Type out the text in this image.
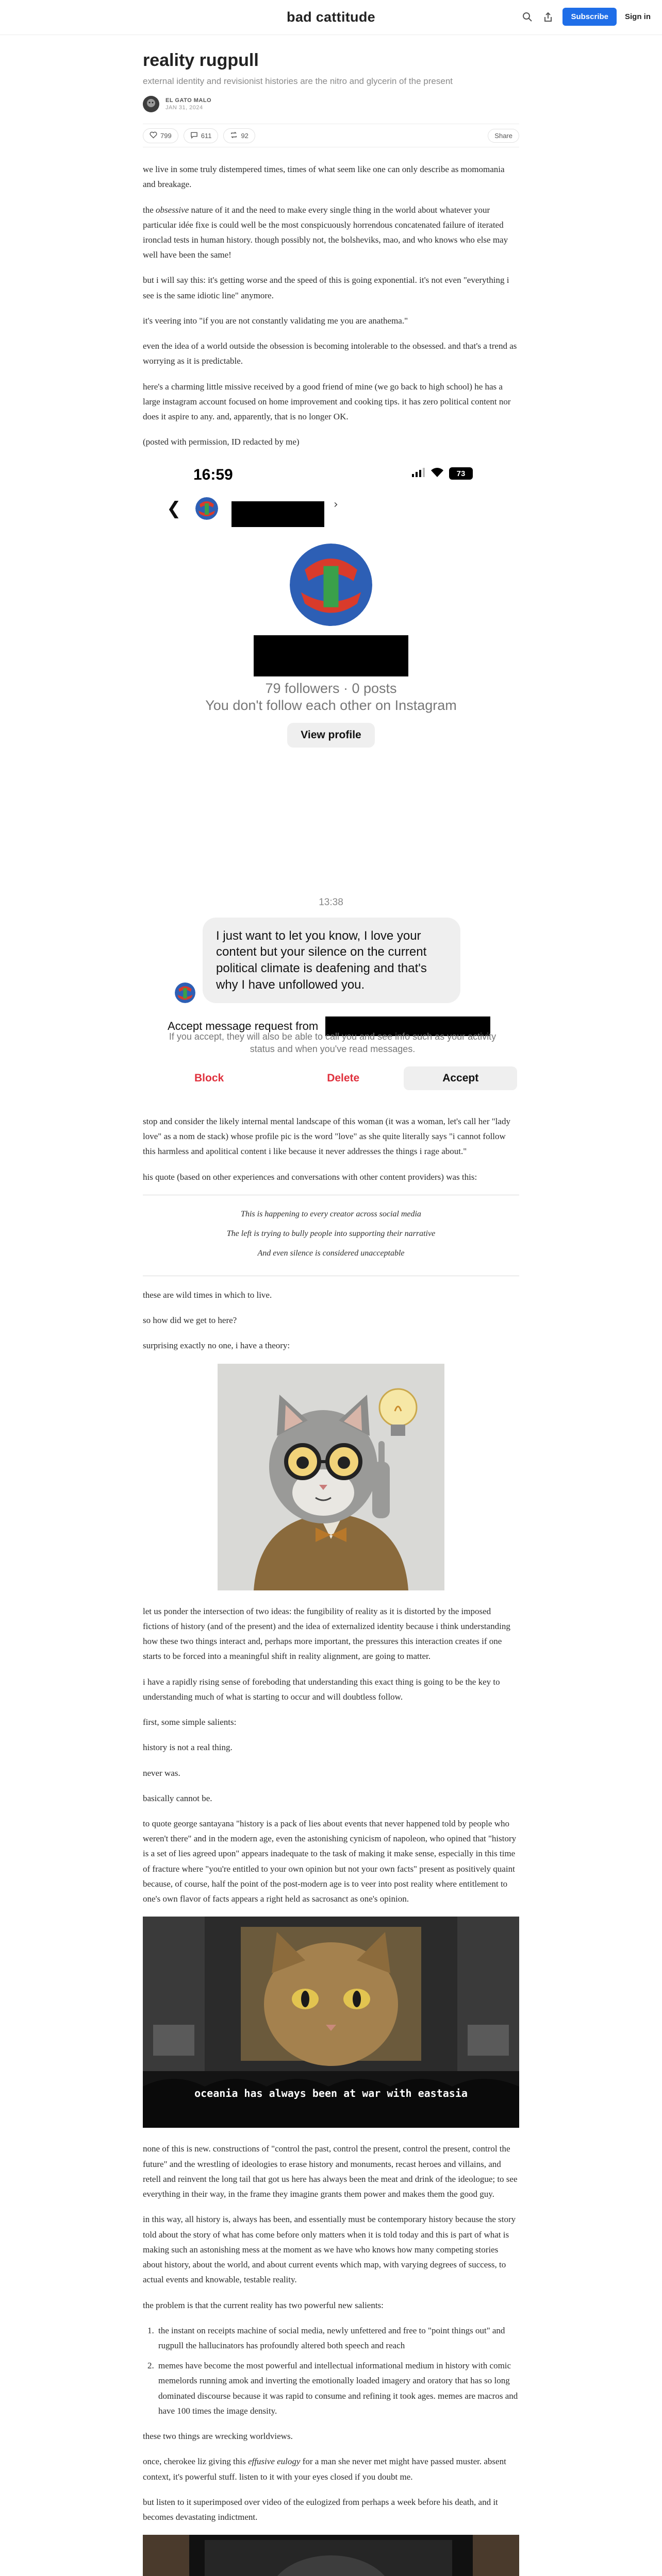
bad cattitude	Subscribe	Sign in
reality rugpull
external identity and revisionist histories are the nitro and glycerin of the present
EL GATO MALO
JAN 31, 2024
799	611	92	Share

we live in some truly distempered times, times of what seem like one can only describe as momomania and breakage.

the obsessive nature of it and the need to make every single thing in the world about whatever your particular idée fixe is could well be the most conspicuously horrendous concatenated failure of iterated ironclad tests in human history. though possibly not, the bolsheviks, mao, and who knows who else may well have been the same!

but i will say this: it's getting worse and the speed of this is going exponential. it's not even "everything i see is the same idiotic line" anymore.

it's veering into "if you are not constantly validating me you are anathema."

even the idea of a world outside the obsession is becoming intolerable to the obsessed. and that's a trend as worrying as it is predictable.

here's a charming little missive received by a good friend of mine (we go back to high school) he has a large instagram account focused on home improvement and cooking tips. it has zero political content nor does it aspire to any. and, apparently, that is no longer OK.

(posted with permission, ID redacted by me)

16:59	73
❮	›
79 followers · 0 posts
You don't follow each other on Instagram
View profile
13:38
I just want to let you know, I love your content but your silence on the current political climate is deafening and that's why I have unfollowed you.
Accept message request from
If you accept, they will also be able to call you and see info such as your activity status and when you've read messages.
Block	Delete	Accept

stop and consider the likely internal mental landscape of this woman (it was a woman, let's call her "lady love" as a nom de stack) whose profile pic is the word "love" as she quite literally says "i cannot follow this harmless and apolitical content i like because it never addresses the things i rage about."

his quote (based on other experiences and conversations with other content providers) was this:

This is happening to every creator across social media

The left is trying to bully people into supporting their narrative

And even silence is considered unacceptable

these are wild times in which to live.

so how did we get to here?

surprising exactly no one, i have a theory:

let us ponder the intersection of two ideas: the fungibility of reality as it is distorted by the imposed fictions of history (and of the present) and the idea of externalized identity because i think understanding how these two things interact and, perhaps more important, the pressures this interaction creates if one starts to be forced into a meaningful shift in reality alignment, are going to matter.

i have a rapidly rising sense of foreboding that understanding this exact thing is going to be the key to understanding much of what is starting to occur and will doubtless follow.

first, some simple salients:

history is not a real thing.

never was.

basically cannot be.

to quote george santayana "history is a pack of lies about events that never happened told by people who weren't there" and in the modern age, even the astonishing cynicism of napoleon, who opined that "history is a set of lies agreed upon" appears inadequate to the task of making it make sense, especially in this time of fracture where "you're entitled to your own opinion but not your own facts" present as positively quaint because, of course, half the point of the post-modern age is to veer into post reality where entitlement to one's own flavor of facts appears a right held as sacrosanct as one's opinion.

oceania has always been at war with eastasia

none of this is new. constructions of "control the past, control the present, control the present, control the future" and the wrestling of ideologies to erase history and monuments, recast heroes and villains, and retell and reinvent the long tail that got us here has always been the meat and drink of the ideologue; to see everything in their way, in the frame they imagine grants them power and makes them the good guy.

in this way, all history is, always has been, and essentially must be contemporary history because the story told about the story of what has come before only matters when it is told today and this is part of what is making such an astonishing mess at the moment as we have who knows how many competing stories about history, about the world, and about current events which map, with varying degrees of success, to actual events and knowable, testable reality.

the problem is that the current reality has two powerful new salients:

1. the instant on receipts machine of social media, newly unfettered and free to "point things out" and rugpull the hallucinators has profoundly altered both speech and reach
2. memes have become the most powerful and intellectual informational medium in history with comic memelords running amok and inverting the emotionally loaded imagery and oratory that has so long dominated discourse because it was rapid to consume and refining it took ages. memes are macros and have 100 times the image density.

these two things are wrecking worldviews.

once, cherokee liz giving this effusive eulogy for a man she never met might have passed muster. absent context, it's powerful stuff. listen to it with your eyes closed if you doubt me.

but listen to it superimposed over video of the eulogized from perhaps a week before his death, and it becomes devastating indictment.
